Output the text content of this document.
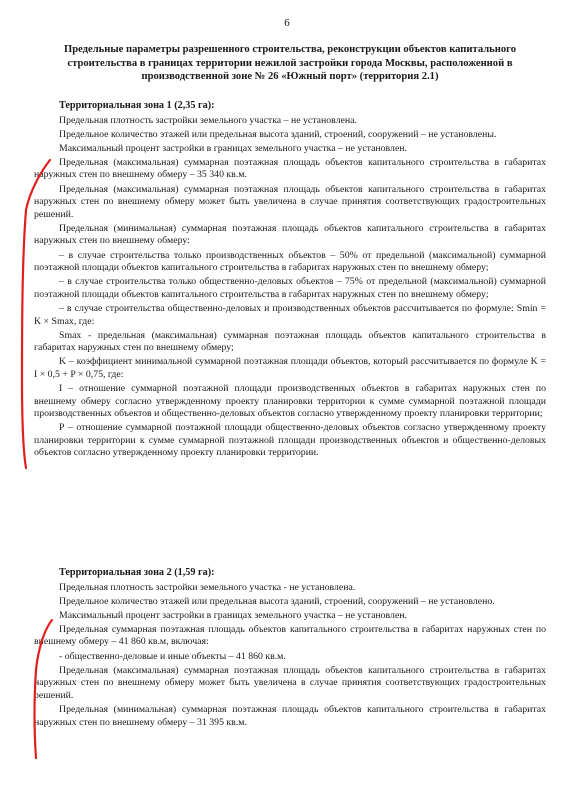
6
Предельные параметры разрешенного строительства, реконструкции объектов капитального строительства в границах территории нежилой застройки города Москвы, расположенной в производственной зоне № 26 «Южный порт» (территория 2.1)
Территориальная зона 1 (2,35 га):

Предельная плотность застройки земельного участка – не установлена.

Предельное количество этажей или предельная высота зданий, строений, сооружений – не установлены.

Максимальный процент застройки в границах земельного участка – не установлен.

Предельная (максимальная) суммарная поэтажная площадь объектов капитального строительства в габаритах наружных стен по внешнему обмеру – 35 340 кв.м.

Предельная (максимальная) суммарная поэтажная площадь объектов капитального строительства в габаритах наружных стен по внешнему обмеру может быть увеличена в случае принятия соответствующих градостроительных решений.

Предельная (минимальная) суммарная поэтажная площадь объектов капитального строительства в габаритах наружных стен по внешнему обмеру:

– в случае строительства только производственных объектов – 50% от предельной (максимальной) суммарной поэтажной площади объектов капитального строительства в габаритах наружных стен по внешнему обмеру;

– в случае строительства только общественно-деловых объектов – 75% от предельной (максимальной) суммарной поэтажной площади объектов капитального строительства в габаритах наружных стен по внешнему обмеру;

– в случае строительства общественно-деловых и производственных объектов рассчитывается по формуле: Smin = K × Smax, где:

Smax - предельная (максимальная) суммарная поэтажная площадь объектов капитального строительства в габаритах наружных стен по внешнему обмеру;

K – коэффициент минимальной суммарной поэтажная площади объектов, который рассчитывается по формуле K = I × 0,5 + P × 0,75, где:

I – отношение суммарной поэтажной площади производственных объектов в габаритах наружных стен по внешнему обмеру согласно утвержденному проекту планировки территории к сумме суммарной поэтажной площади производственных объектов и общественно-деловых объектов согласно утвержденному проекту планировки территории;

P – отношение суммарной поэтажной площади общественно-деловых объектов согласно утвержденному проекту планировки территории к сумме суммарной поэтажной площади производственных объектов и общественно-деловых объектов согласно утвержденному проекту планировки территории.

Территориальная зона 2 (1,59 га):

Предельная плотность застройки земельного участка - не установлена.

Предельное количество этажей или предельная высота зданий, строений, сооружений – не установлено.

Максимальный процент застройки в границах земельного участка – не установлен.

Предельная суммарная поэтажная площадь объектов капитального строительства в габаритах наружных стен по внешнему обмеру – 41 860 кв.м, включая:

- общественно-деловые и иные объекты – 41 860 кв.м.

Предельная (максимальная) суммарная поэтажная площадь объектов капитального строительства в габаритах наружных стен по внешнему обмеру может быть увеличена в случае принятия соответствующих градостроительных решений.

Предельная (минимальная) суммарная поэтажная площадь объектов капитального строительства в габаритах наружных стен по внешнему обмеру – 31 395 кв.м.
